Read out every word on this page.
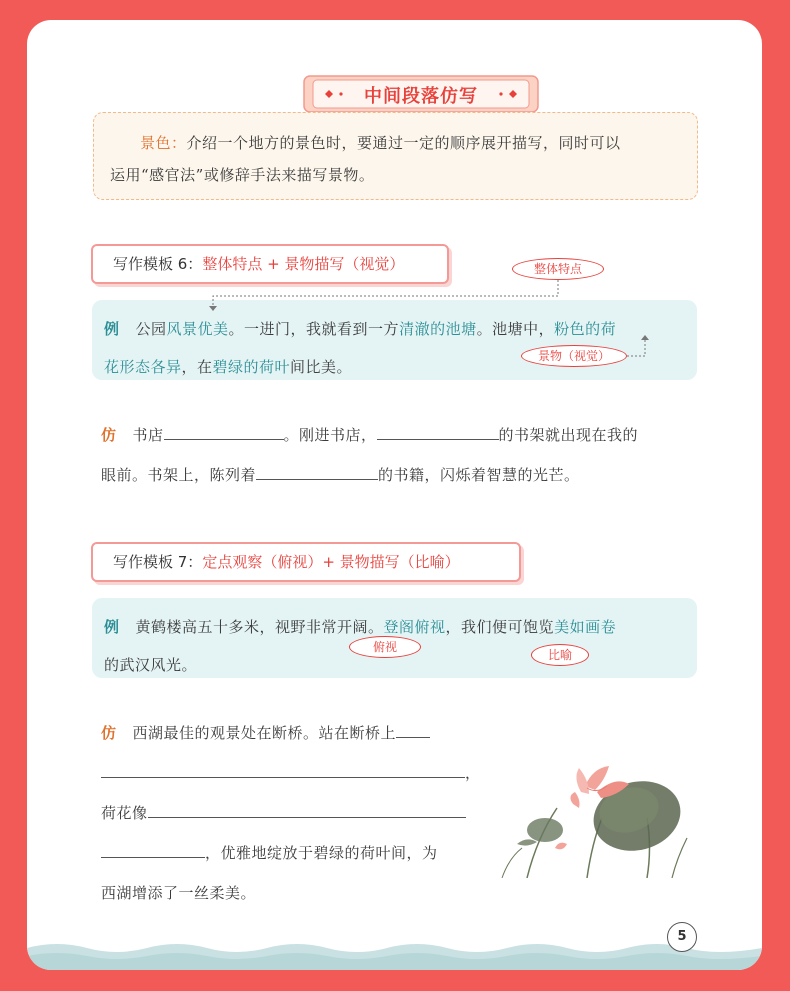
中间段落仿写
景色：介绍一个地方的景色时，要通过一定的顺序展开描写，同时可以
运用“感官法”或修辞手法来描写景物。
写作模板 6：整体特点 + 景物描写（视觉）
例 公园风景优美。一进门，我就看到一方清澈的池塘。池塘中，粉色的荷
花形态各异，在碧绿的荷叶间比美。
整体特点
景物（视觉）
仿 书店	。刚进书店，	的书架就出现在我的
眼前。书架上，陈列着	的书籍，闪烁着智慧的光芒。
写作模板 7：定点观察（俯视）+ 景物描写（比喻）
例 黄鹤楼高五十多米，视野非常开阔。登阁俯视，我们便可饱览美如画卷
的武汉风光。
俯视
比喻
仿 西湖最佳的观景处在断桥。站在断桥上
，
荷花像
，优雅地绽放于碧绿的荷叶间，为
西湖增添了一丝柔美。
5
